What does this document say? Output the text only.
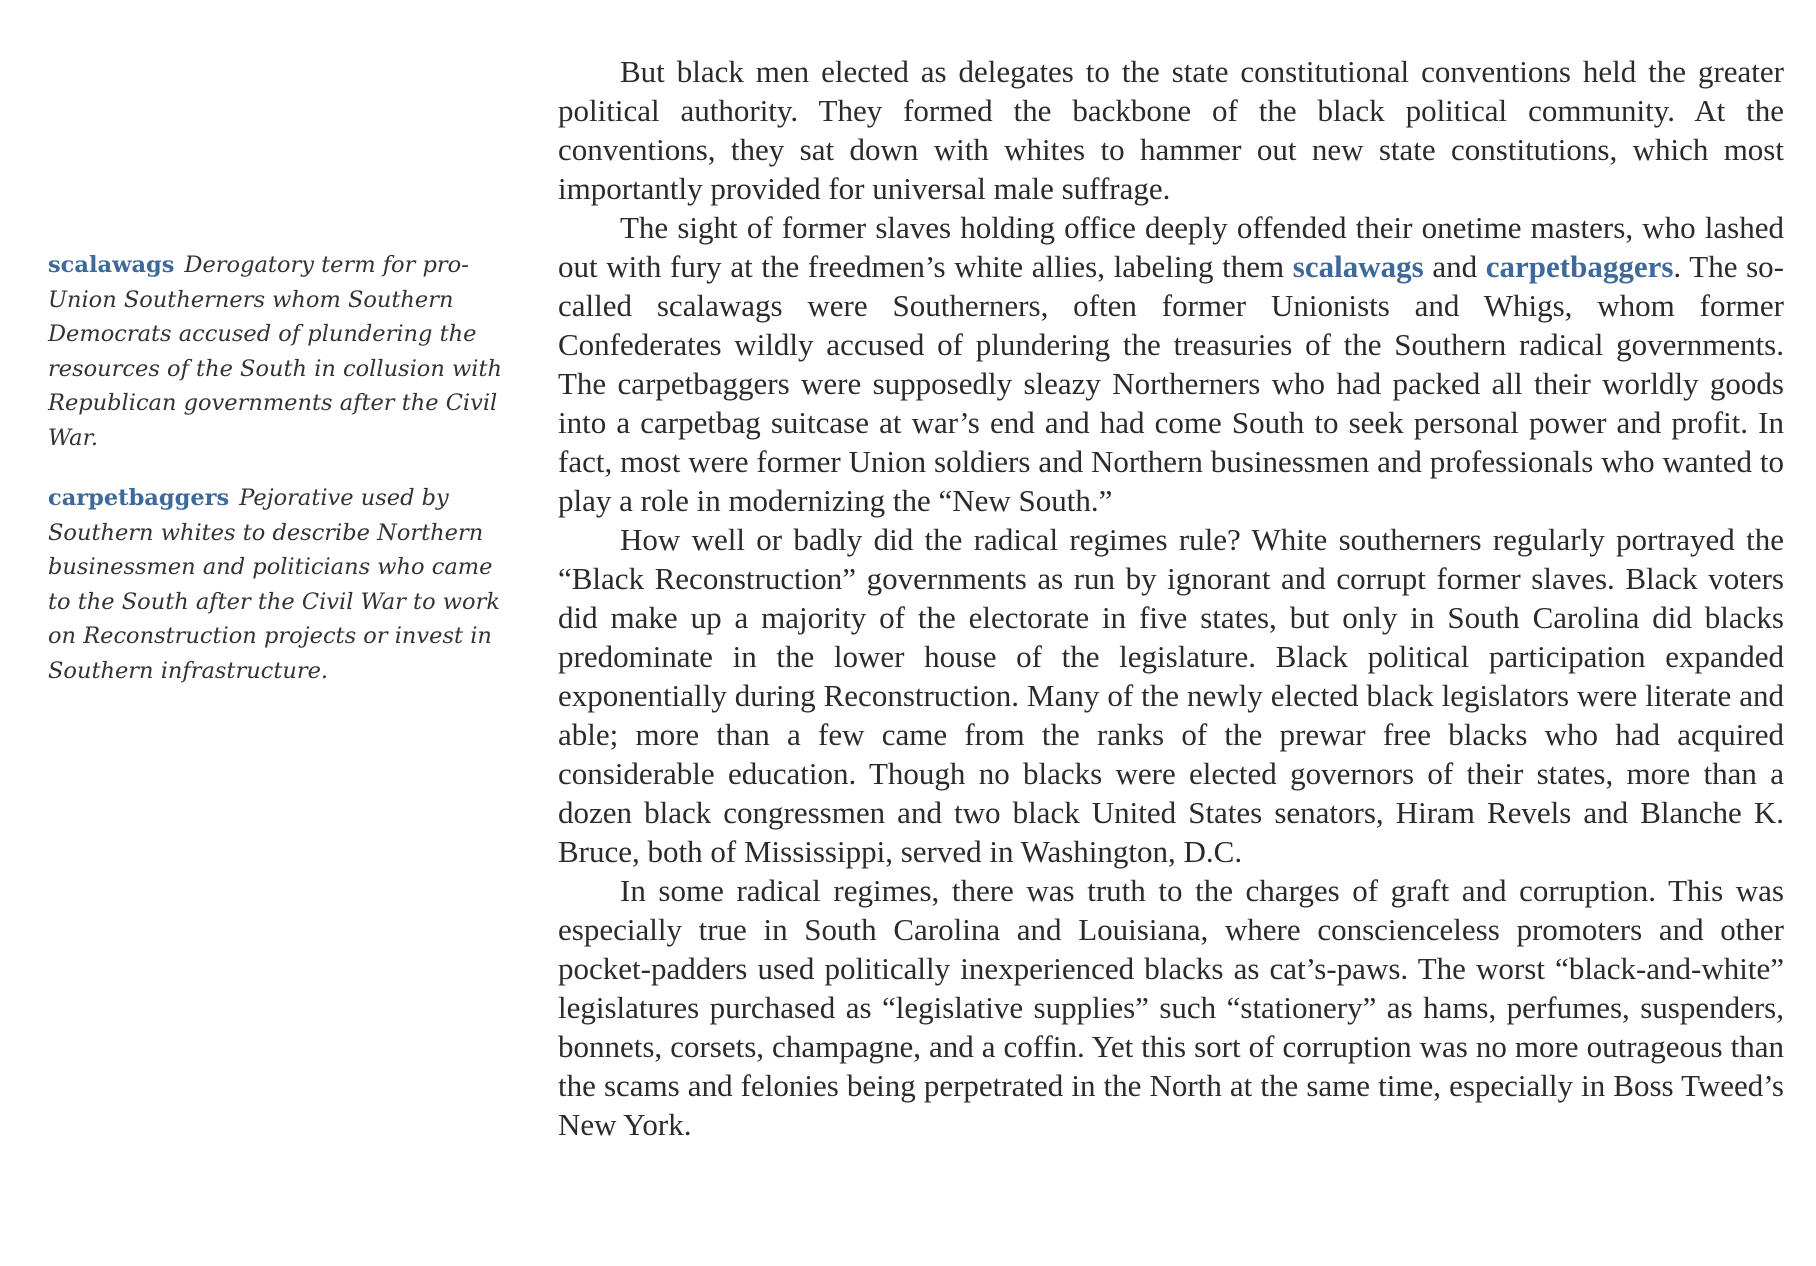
scalawags Derogatory term for pro-Union Southerners whom Southern Democrats accused of plundering the resources of the South in collusion with Republican governments after the Civil War.
carpetbaggers Pejorative used by Southern whites to describe Northern businessmen and politicians who came to the South after the Civil War to work on Reconstruction projects or invest in Southern infrastructure.

But black men elected as delegates to the state constitutional conventions held the greater political authority. They formed the backbone of the black political community. At the conventions, they sat down with whites to hammer out new state constitutions, which most importantly provided for universal male suffrage.

The sight of former slaves holding office deeply offended their onetime masters, who lashed out with fury at the freedmen’s white allies, labeling them scalawags and carpetbaggers. The so-called scalawags were Southerners, often former Unionists and Whigs, whom former Confederates wildly accused of plundering the treasuries of the Southern radical governments. The carpetbaggers were supposedly sleazy Northerners who had packed all their worldly goods into a carpetbag suitcase at war’s end and had come South to seek personal power and profit. In fact, most were former Union soldiers and Northern businessmen and professionals who wanted to play a role in modernizing the “New South.”

How well or badly did the radical regimes rule? White southerners regularly portrayed the “Black Reconstruction” governments as run by ignorant and corrupt former slaves. Black voters did make up a majority of the electorate in five states, but only in South Carolina did blacks predominate in the lower house of the legislature. Black political participation expanded exponentially during Reconstruction. Many of the newly elected black legislators were literate and able; more than a few came from the ranks of the prewar free blacks who had acquired considerable education. Though no blacks were elected governors of their states, more than a dozen black congressmen and two black United States senators, Hiram Revels and Blanche K. Bruce, both of Mississippi, served in Washington, D.C.

In some radical regimes, there was truth to the charges of graft and corruption. This was especially true in South Carolina and Louisiana, where conscienceless promoters and other pocket-padders used politically inexperienced blacks as cat’s-paws. The worst “black-and-white” legislatures purchased as “legislative supplies” such “stationery” as hams, perfumes, suspenders, bonnets, corsets, champagne, and a coffin. Yet this sort of corruption was no more outrageous than the scams and felonies being perpetrated in the North at the same time, especially in Boss Tweed’s New York.
